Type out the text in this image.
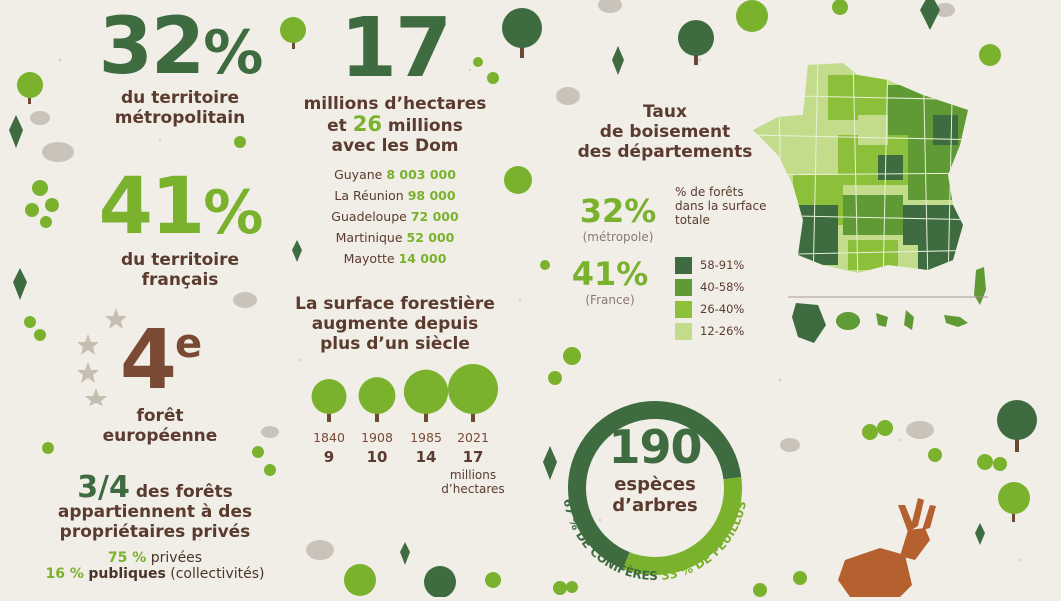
32%
du territoire
métropolitain
41%
du territoire
français
4e
forêt
européenne
3/4 des forêts
appartiennent à des
propriétaires privés
75 % privées
16 % publiques (collectivités)
17
millions d’hectares
et 26 millions
avec les Dom
Guyane 8 003 000
La Réunion 98 000
Guadeloupe 72 000
Martinique 52 000
Mayotte 14 000
La surface forestière
augmente depuis
plus d’un siècle
1840
9
1908
10
1985
14
2021
17
millions
d’hectares
Taux
de boisement
des départements
32%
(métropole)
41%
(France)
% de forêts
dans la surface
totale
58-91%
40-58%
26-40%
12-26%
67 % DE CONIFÈRES 33 % DE FEUILLUS
190
espèces
d’arbres
